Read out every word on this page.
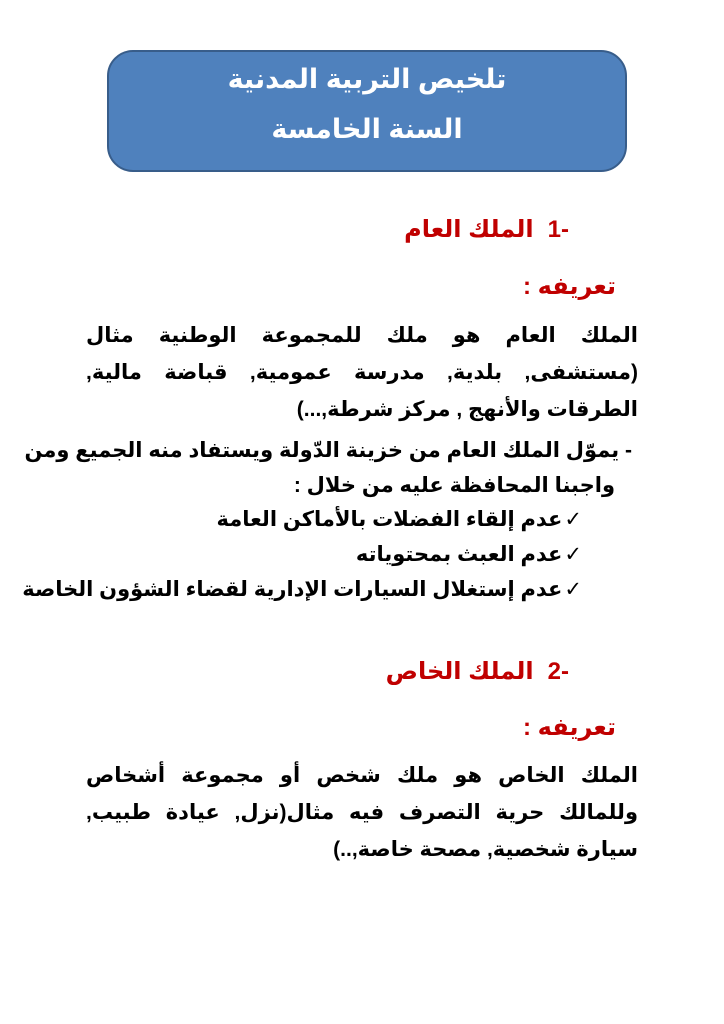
تلخيص التربية المدنية
السنة الخامسة
-1الملك العام
تعريفه :
الملك العام هو ملك للمجموعة الوطنية مثال (مستشفى, بلدية, مدرسة عمومية, قباضة مالية, الطرقات والأنهج , مركز شرطة,...)
- يموّل الملك العام من خزينة الدّولة ويستفاد منه الجميع ومن
واجبنا المحافظة عليه من خلال :
✓عدم إلقاء الفضلات بالأماكن العامة
✓عدم العبث بمحتوياته
✓عدم إستغلال السيارات الإدارية لقضاء الشؤون الخاصة
-2الملك الخاص
تعريفه :
الملك الخاص هو ملك شخص أو مجموعة أشخاص وللمالك حرية التصرف فيه مثال(نزل, عيادة طبيب, سيارة شخصية, مصحة خاصة,..)
